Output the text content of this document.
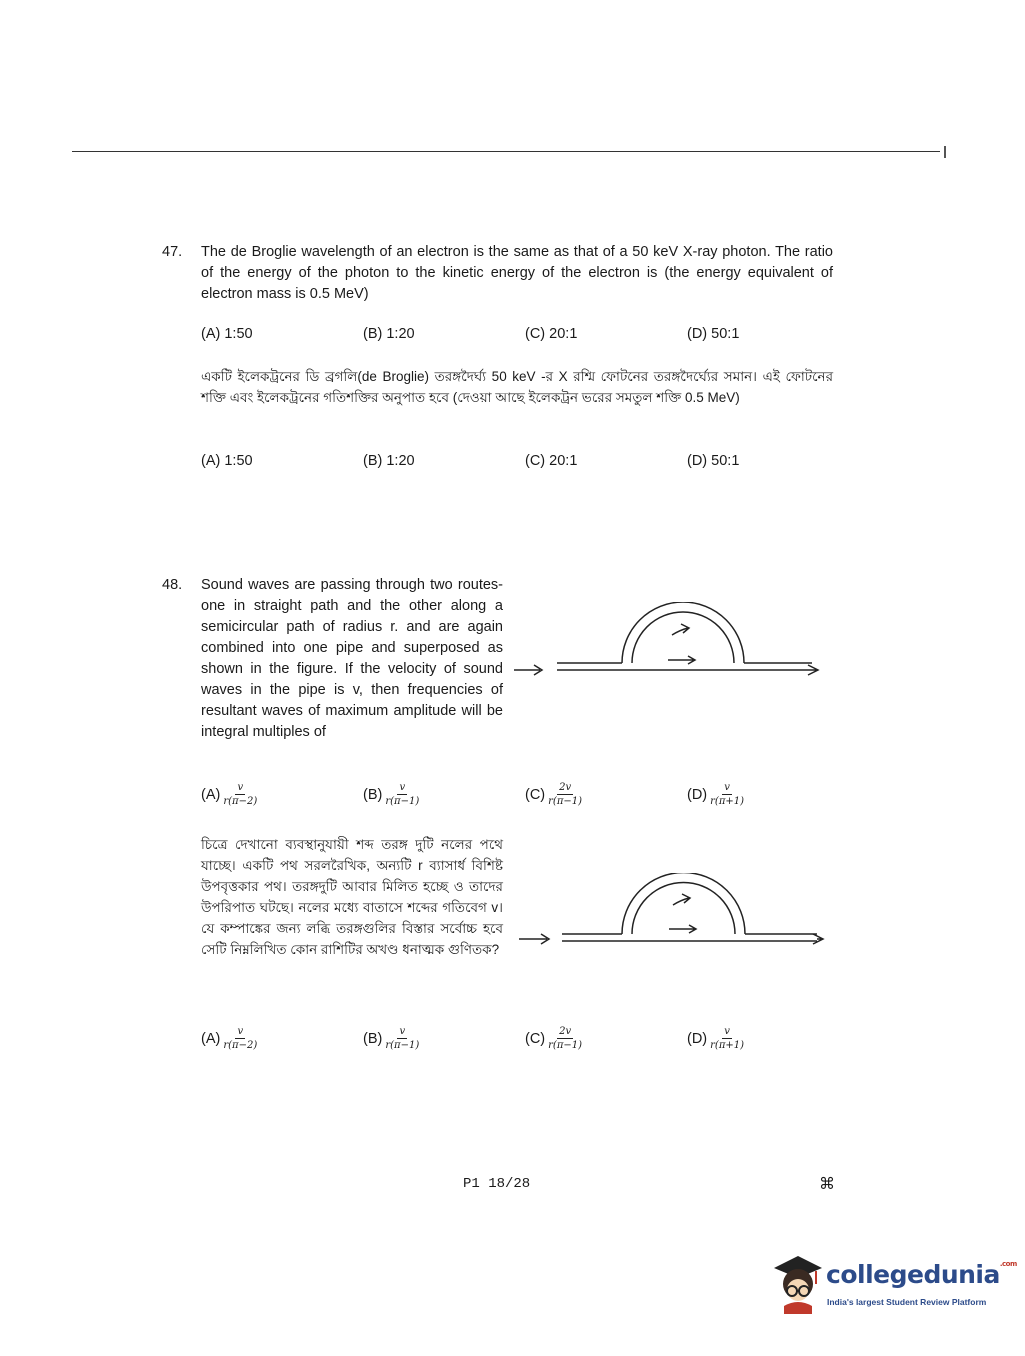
47. The de Broglie wavelength of an electron is the same as that of a 50 keV X-ray photon. The ratio of the energy of the photon to the kinetic energy of the electron is (the energy equivalent of electron mass is 0.5 MeV)
(A) 1:50	(B) 1:20	(C) 20:1	(D) 50:1
একটি ইলেকট্রনের ডি ব্রগলি(de Broglie) তরঙ্গদৈর্ঘ্য 50 keV -র X রশ্মি ফোটনের তরঙ্গদৈর্ঘ্যের সমান। এই ফোটনের শক্তি এবং ইলেকট্রনের গতিশক্তির অনুপাত হবে (দেওয়া আছে ইলেকট্রন ভরের সমতুল শক্তি 0.5 MeV)
(A) 1:50	(B) 1:20	(C) 20:1	(D) 50:1
48. Sound waves are passing through two routes- one in straight path and the other along a semicircular path of radius r. and are again combined into one pipe and superposed as shown in the figure. If the velocity of sound waves in the pipe is v, then frequencies of resultant waves of maximum amplitude will be integral multiples of
$(A) \frac{v}{r(\pi-2)}$	$(B) \frac{v}{r(\pi-1)}$	$(C) \frac{2v}{r(\pi-1)}$	$(D) \frac{v}{r(\pi+1)}$
চিত্রে দেখানো ব্যবস্থানুযায়ী শব্দ তরঙ্গ দুটি নলের পথে যাচ্ছে। একটি পথ সরলরৈখিক, অন্যটি r ব্যাসার্ধ বিশিষ্ট উপবৃত্তকার পথ। তরঙ্গদুটি আবার মিলিত হচ্ছে ও তাদের উপরিপাত ঘটছে। নলের মধ্যে বাতাসে শব্দের গতিবেগ v। যে কম্পাঙ্কের জন্য লব্ধি তরঙ্গগুলির বিস্তার সর্বোচ্চ হবে সেটি নিম্নলিখিত কোন রাশিটির অখণ্ড ধনাত্মক গুণিতক?
$(A) \frac{v}{r(\pi-2)}$	$(B) \frac{v}{r(\pi-1)}$	$(C) \frac{2v}{r(\pi-1)}$	$(D) \frac{v}{r(\pi+1)}$
P1 18/28	⌘
collegedunia$^{.com}$
India's largest Student Review Platform
